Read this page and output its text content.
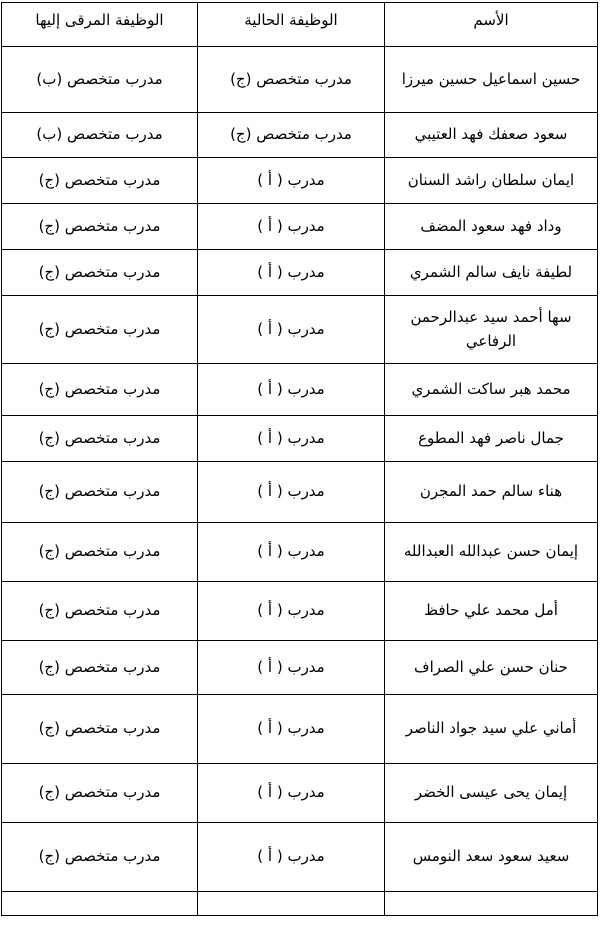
الأسم	الوظيفة الحالية	الوظيفة المرقى إليها
حسين اسماعيل حسين ميرزا	مدرب متخصص (ج)	مدرب متخصص (ب)
سعود صعفك فهد العتيبي	مدرب متخصص (ج)	مدرب متخصص (ب)
ايمان سلطان راشد السنان	مدرب ( أ )	مدرب متخصص (ج)
وداد فهد سعود المضف	مدرب ( أ )	مدرب متخصص (ج)
لطيفة نايف سالم الشمري	مدرب ( أ )	مدرب متخصص (ج)
سها أحمد سيد عبدالرحمن الرفاعي	مدرب ( أ )	مدرب متخصص (ج)
محمد هبر ساكت الشمري	مدرب ( أ )	مدرب متخصص (ج)
جمال ناصر فهد المطوع	مدرب ( أ )	مدرب متخصص (ج)
هناء سالم حمد المجرن	مدرب ( أ )	مدرب متخصص (ج)
إيمان حسن عبدالله العبدالله	مدرب ( أ )	مدرب متخصص (ج)
أمل محمد علي حافظ	مدرب ( أ )	مدرب متخصص (ج)
حنان حسن علي الصراف	مدرب ( أ )	مدرب متخصص (ج)
أماني علي سيد جواد الناصر	مدرب ( أ )	مدرب متخصص (ج)
إيمان يحى عيسى الخضر	مدرب ( أ )	مدرب متخصص (ج)
سعيد سعود سعد النومس	مدرب ( أ )	مدرب متخصص (ج)
